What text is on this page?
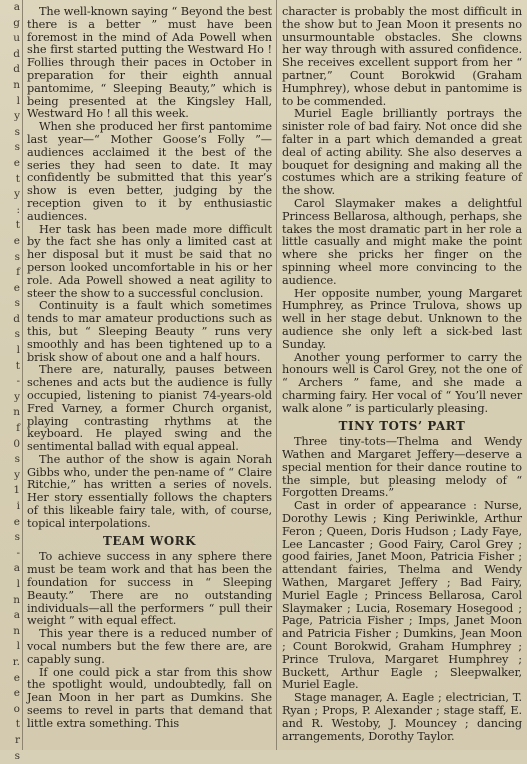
a
g
u
d
d
n
l
y
s
s
e
t
y
:
t
e
s
f
e
s
d
s
l
t
-
y
n
f
0
s
y
1
i
e
s
-
a
l
n
a
n
l
r.
e
e
o
t
r
s

The well-known saying “ Beyond the best there is a better ” must have been foremost in the mind of Ada Powell when she first started putting the Westward Ho ! Follies through their paces in October in preparation for their eighth annual pantomime, “ Sleeping Beauty,” which is being presented at the Kingsley Hall, Westward Ho ! all this week.

When she produced her first pantomime last year—“ Mother Goose’s Folly ”—audiences acclaimed it the best of the series they had seen to date. It may confidently be submitted that this year’s show is even better, judging by the reception given to it by enthusiastic audiences.

Her task has been made more difficult by the fact she has only a limited cast at her disposal but it must be said that no person looked uncomfortable in his or her role. Ada Powell showed a neat agility to steer the show to a successful conclusion.

Continuity is a fault which sometimes tends to mar amateur productions such as this, but “ Sleeping Beauty ” runs very smoothly and has been tightened up to a brisk show of about one and a half hours.

There are, naturally, pauses between schenes and acts but the audience is fully occupied, listening to pianist 74-years-old Fred Varney, a former Church organist, playing contrasting rhythms at the keyboard. He played swing and the sentimental ballad with equal appeal.

The author of the show is again Norah Gibbs who, under the pen-name of “ Claire Ritchie,” has written a series of novels. Her story essentially follows the chapters of this likeable fairy tale, with, of course, topical interpolations.

TEAM WORK

To achieve success in any sphere there must be team work and that has been the foundation for success in “ Sleeping Beauty.” There are no outstanding individuals—all the performers “ pull their weight ” with equal effect.

This year there is a reduced number of vocal numbers but the few there are, are capably sung.

If one could pick a star from this show the spotlight would, undoubtedly, fall on Jean Moon in her part as Dumkins. She seems to revel in parts that demand that little extra something. This

character is probably the most difficult in the show but to Jean Moon it presents no unsurmountable obstacles. She clowns her way through with assured confidence. She receives excellent support from her “ partner,” Count Borokwid (Graham Humphrey), whose debut in pantomime is to be commended.

Muriel Eagle brilliantly portrays the sinister role of bad fairy. Not once did she falter in a part which demanded a great deal of acting ability. She also deserves a bouquet for designing and making all the costumes which are a striking feature of the show.

Carol Slaymaker makes a delightful Princess Bellarosa, although, perhaps, she takes the most dramatic part in her role a little casually and might make the point where she pricks her finger on the spinning wheel more convincing to the audience.

Her opposite number, young Margaret Humphrey, as Prince Trulova, shows up well in her stage debut. Unknown to the audience she only left a sick-bed last Sunday.

Another young performer to carry the honours well is Carol Grey, not the one of “ Archers ” fame, and she made a charming fairy. Her vocal of “ You’ll never walk alone ” is particularly pleasing.

TINY TOTS’ PART

Three tiny-tots—Thelma and Wendy Wathen and Margaret Jeffery—deserve a special mention for their dance routine to the simple, but pleasing melody of “ Forgotten Dreams.”

Cast in order of appearance : Nurse, Dorothy Lewis ; King Periwinkle, Arthur Feron ; Queen, Doris Hudson ; Lady Faye, Lee Lancaster ; Good Fairy, Carol Grey ; good fairies, Janet Moon, Patricia Fisher ; attendant fairies, Thelma and Wendy Wathen, Margaret Jeffery ; Bad Fairy, Muriel Eagle ; Princess Bellarosa, Carol Slaymaker ; Lucia, Rosemary Hosegood ; Page, Patricia Fisher ; Imps, Janet Moon and Patricia Fisher ; Dumkins, Jean Moon ; Count Borokwid, Graham Humphrey ; Prince Trulova, Margaret Humphrey ; Buckett, Arthur Eagle ; Sleepwalker, Muriel Eagle.

Stage manager, A. Eagle ; electrician, T. Ryan ; Props, P. Alexander ; stage staff, E. and R. Westoby, J. Mouncey ; dancing arrangements, Dorothy Taylor.
